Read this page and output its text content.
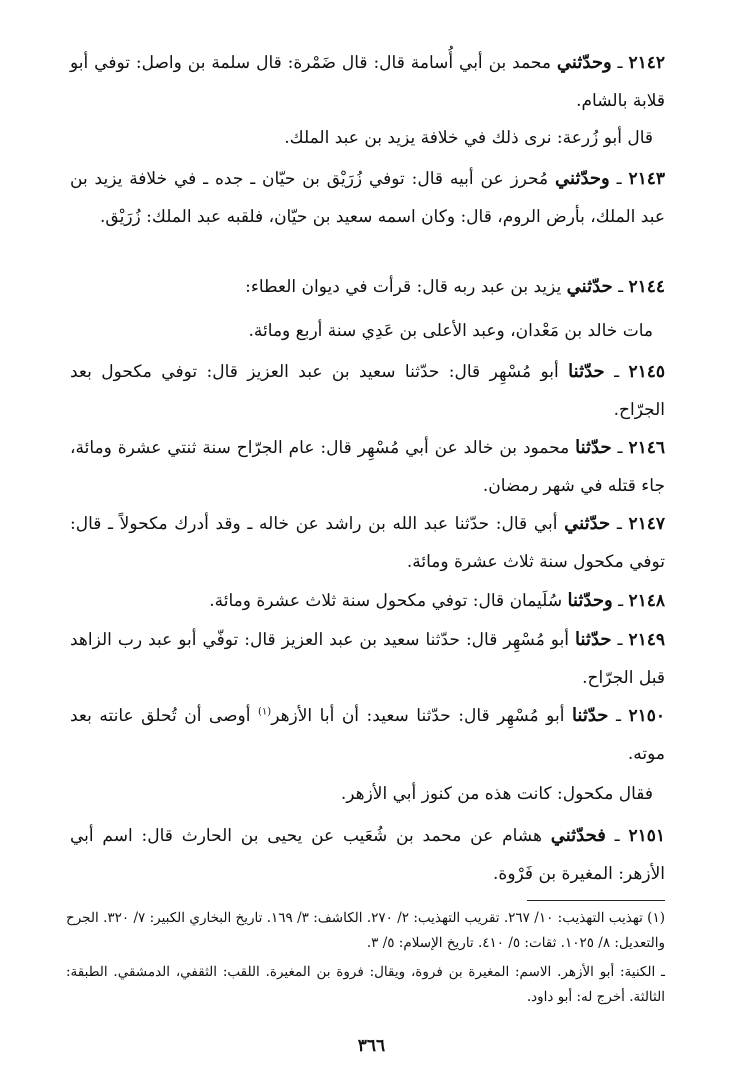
٢١٤٢ ـ وحدّثني محمد بن أبي أُسامة قال: قال ضَمْرة: قال سلمة بن واصل: توفي أبو قلابة بالشام.
قال أبو زُرعة: نرى ذلك في خلافة يزيد بن عبد الملك.
٢١٤٣ ـ وحدّثني مُحرز عن أبيه قال: توفي زُرَيْق بن حيّان ـ جده ـ في خلافة يزيد بن عبد الملك، بأرض الروم، قال: وكان اسمه سعيد بن حيّان، فلقبه عبد الملك: زُرَيْق.
٢١٤٤ ـ حدّثني يزيد بن عبد ربه قال: قرأت في ديوان العطاء:
مات خالد بن مَعْدان، وعبد الأعلى بن عَدِي سنة أربع ومائة.
٢١٤٥ ـ حدّثنا أبو مُسْهِر قال: حدّثنا سعيد بن عبد العزيز قال: توفي مكحول بعد الجرّاح.
٢١٤٦ ـ حدّثنا محمود بن خالد عن أبي مُسْهِر قال: عام الجرّاح سنة ثنتي عشرة ومائة، جاء قتله في شهر رمضان.
٢١٤٧ ـ حدّثني أبي قال: حدّثنا عبد الله بن راشد عن خاله ـ وقد أدرك مكحولاً ـ قال: توفي مكحول سنة ثلاث عشرة ومائة.
٢١٤٨ ـ وحدّثنا سُلَيمان قال: توفي مكحول سنة ثلاث عشرة ومائة.
٢١٤٩ ـ حدّثنا أبو مُسْهِر قال: حدّثنا سعيد بن عبد العزيز قال: توفّي أبو عبد رب الزاهد قبل الجرّاح.
٢١٥٠ ـ حدّثنا أبو مُسْهِر قال: حدّثنا سعيد: أن أبا الأزهر$^{(١)}$ أوصى أن تُحلق عانته بعد موته.
فقال مكحول: كانت هذه من كنوز أبي الأزهر.
٢١٥١ ـ فحدّثني هشام عن محمد بن شُعَيب عن يحيى بن الحارث قال: اسم أبي الأزهر: المغيرة بن فَرْوة.
(١) تهذيب التهذيب: ١٠/ ٢٦٧. تقريب التهذيب: ٢/ ٢٧٠. الكاشف: ٣/ ١٦٩. تاريخ البخاري الكبير: ٧/ ٣٢٠. الجرح والتعديل: ٨/ ١٠٢٥. ثقات: ٥/ ٤١٠. تاريخ الإسلام: ٥/ ٣.
ـ الكنية: أبو الأزهر. الاسم: المغيرة بن فروة، ويقال: فروة بن المغيرة. اللقب: الثقفي، الدمشقي. الطبقة: الثالثة. أخرج له: أبو داود.
٣٦٦
